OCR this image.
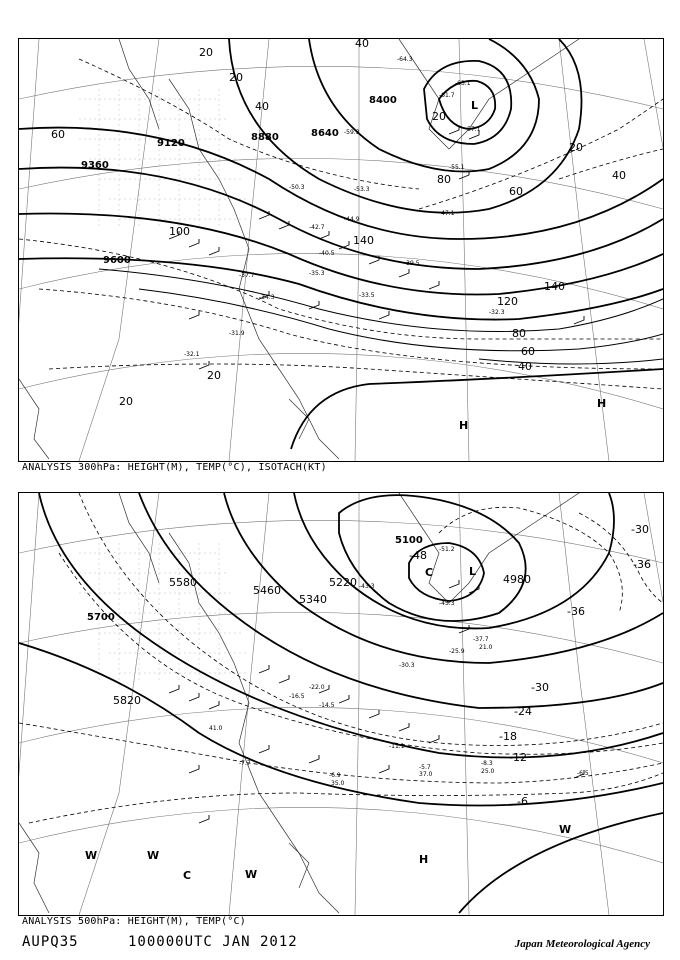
9120
9360
9600
8880	8640
8400
20
20
20
20
20
20
40
40
40
40
60
60
60
80
80
100
120
140
140
-31.9
-32.1
-32.3
-33.5
-34.3
-35.3
-37.7
-39.5
-40.5
-42.7
-44.9
-47.1
-50.3	-53.3
-55.1
-57.1
-59.3
-61.7
-63.1
-64.3
L
H
H
ANALYSIS 300hPa: HEIGHT(M), TEMP(°C), ISOTACH(KT)
5700
5820
5580
5460
5340
5220
5100
4980
-6
-12
-18
-24
-30
-36
-36
-30
-48
-5.7
-6.5
-6.9
-7.7	-8.3
-11.1
-14.5
-16.5
-22.0
-25.9
-30.3
-37.7
-43.3
-45.3
-51.2
37.0
35.0
25.0
41.0
21.0
L
H
C
W	W
W
W
C
ANALYSIS 500hPa: HEIGHT(M), TEMP(°C)
AUPQ35	100000UTC JAN 2012	Japan Meteorological Agency
